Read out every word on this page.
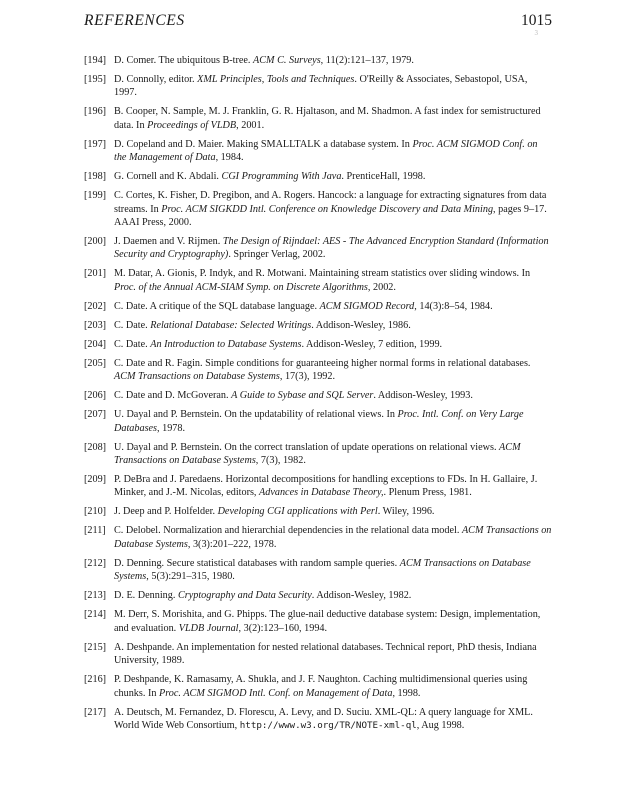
REFERENCES	1015
3
[194] D. Comer. The ubiquitous B-tree. ACM C. Surveys, 11(2):121–137, 1979.
[195] D. Connolly, editor. XML Principles, Tools and Techniques. O'Reilly & Associates, Sebastopol, USA, 1997.
[196] B. Cooper, N. Sample, M. J. Franklin, G. R. Hjaltason, and M. Shadmon. A fast index for semistructured data. In Proceedings of VLDB, 2001.
[197] D. Copeland and D. Maier. Making SMALLTALK a database system. In Proc. ACM SIGMOD Conf. on the Management of Data, 1984.
[198] G. Cornell and K. Abdali. CGI Programming With Java. PrenticeHall, 1998.
[199] C. Cortes, K. Fisher, D. Pregibon, and A. Rogers. Hancock: a language for extracting signatures from data streams. In Proc. ACM SIGKDD Intl. Conference on Knowledge Discovery and Data Mining, pages 9–17. AAAI Press, 2000.
[200] J. Daemen and V. Rijmen. The Design of Rijndael: AES - The Advanced Encryption Standard (Information Security and Cryptography). Springer Verlag, 2002.
[201] M. Datar, A. Gionis, P. Indyk, and R. Motwani. Maintaining stream statistics over sliding windows. In Proc. of the Annual ACM-SIAM Symp. on Discrete Algorithms, 2002.
[202] C. Date. A critique of the SQL database language. ACM SIGMOD Record, 14(3):8–54, 1984.
[203] C. Date. Relational Database: Selected Writings. Addison-Wesley, 1986.
[204] C. Date. An Introduction to Database Systems. Addison-Wesley, 7 edition, 1999.
[205] C. Date and R. Fagin. Simple conditions for guaranteeing higher normal forms in relational databases. ACM Transactions on Database Systems, 17(3), 1992.
[206] C. Date and D. McGoveran. A Guide to Sybase and SQL Server. Addison-Wesley, 1993.
[207] U. Dayal and P. Bernstein. On the updatability of relational views. In Proc. Intl. Conf. on Very Large Databases, 1978.
[208] U. Dayal and P. Bernstein. On the correct translation of update operations on relational views. ACM Transactions on Database Systems, 7(3), 1982.
[209] P. DeBra and J. Paredaens. Horizontal decompositions for handling exceptions to FDs. In H. Gallaire, J. Minker, and J.-M. Nicolas, editors, Advances in Database Theory,. Plenum Press, 1981.
[210] J. Deep and P. Holfelder. Developing CGI applications with Perl. Wiley, 1996.
[211] C. Delobel. Normalization and hierarchial dependencies in the relational data model. ACM Transactions on Database Systems, 3(3):201–222, 1978.
[212] D. Denning. Secure statistical databases with random sample queries. ACM Transactions on Database Systems, 5(3):291–315, 1980.
[213] D. E. Denning. Cryptography and Data Security. Addison-Wesley, 1982.
[214] M. Derr, S. Morishita, and G. Phipps. The glue-nail deductive database system: Design, implementation, and evaluation. VLDB Journal, 3(2):123–160, 1994.
[215] A. Deshpande. An implementation for nested relational databases. Technical report, PhD thesis, Indiana University, 1989.
[216] P. Deshpande, K. Ramasamy, A. Shukla, and J. F. Naughton. Caching multidimensional queries using chunks. In Proc. ACM SIGMOD Intl. Conf. on Management of Data, 1998.
[217] A. Deutsch, M. Fernandez, D. Florescu, A. Levy, and D. Suciu. XML-QL: A query language for XML. World Wide Web Consortium, http://www.w3.org/TR/NOTE-xml-ql, Aug 1998.
